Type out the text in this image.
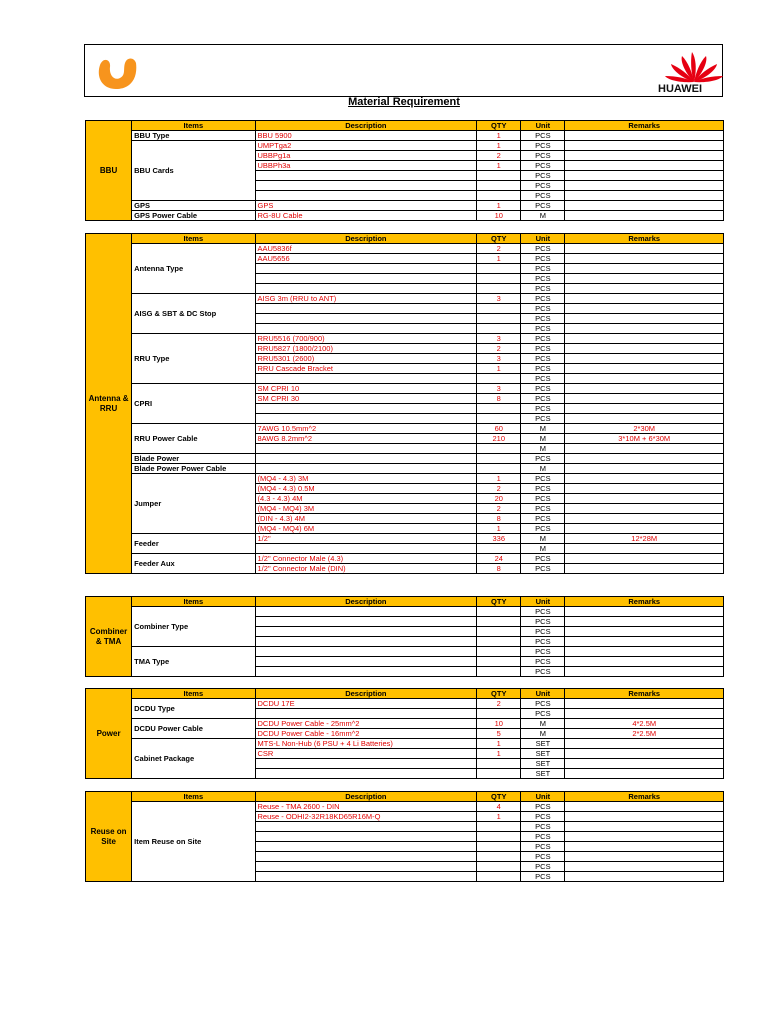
HUAWEI
Material Requirement
BBU	Items	Description	QTY	Unit	Remarks
	BBU Type	BBU 5900	1	PCS	
	BBU Cards	UMPTga2	1	PCS	
		UBBPg1a	2	PCS	
		UBBPh3a	1	PCS	
				PCS	
				PCS	
				PCS	
	GPS	GPS	1	PCS	
	GPS Power Cable	RG-8U Cable	10	M	
Antenna & RRU	Items	Description	QTY	Unit	Remarks
	Antenna Type	AAU5836f	2	PCS	
		AAU5656	1	PCS	
				PCS	
				PCS	
				PCS	
	AISG & SBT & DC Stop	AISG 3m (RRU to ANT)	3	PCS	
				PCS	
				PCS	
				PCS	
	RRU Type	RRU5516 (700/900)	3	PCS	
		RRU5827 (1800/2100)	2	PCS	
		RRU5301 (2600)	3	PCS	
		RRU Cascade Bracket	1	PCS	
				PCS	
	CPRI	SM CPRI 10	3	PCS	
		SM CPRI 30	8	PCS	
				PCS	
				PCS	
	RRU Power Cable	7AWG 10.5mm^2	60	M	2*30M
		8AWG 8.2mm^2	210	M	3*10M + 6*30M
				M	
	Blade Power			PCS	
	Blade Power Power Cable			M	
	Jumper	(MQ4 - 4.3) 3M	1	PCS	
		(MQ4 - 4.3) 0.5M	2	PCS	
		(4.3 - 4.3) 4M	20	PCS	
		(MQ4 - MQ4) 3M	2	PCS	
		(DIN - 4.3) 4M	8	PCS	
		(MQ4 - MQ4) 6M	1	PCS	
	Feeder	1/2"	336	M	12*28M
				M	
	Feeder Aux	1/2" Connector Male (4.3)	24	PCS	
		1/2" Connector Male (DIN)	8	PCS	
Combiner & TMA	Items	Description	QTY	Unit	Remarks
	Combiner Type			PCS	
				PCS	
				PCS	
				PCS	
	TMA Type			PCS	
				PCS	
				PCS	
Power	Items	Description	QTY	Unit	Remarks
	DCDU Type	DCDU 17E	2	PCS	
				PCS	
	DCDU Power Cable	DCDU Power Cable - 25mm^2	10	M	4*2.5M
		DCDU Power Cable - 16mm^2	5	M	2*2.5M
	Cabinet Package	MTS-L Non-Hub (6 PSU + 4 Li Batteries)	1	SET	
		CSR	1	SET	
				SET	
				SET	
Reuse on Site	Items	Description	QTY	Unit	Remarks
	Item Reuse on Site	Reuse - TMA 2600 - DIN	4	PCS	
		Reuse - ODHI2-32R18KD65R16M-Q	1	PCS	
				PCS	
				PCS	
				PCS	
				PCS	
				PCS	
				PCS	
